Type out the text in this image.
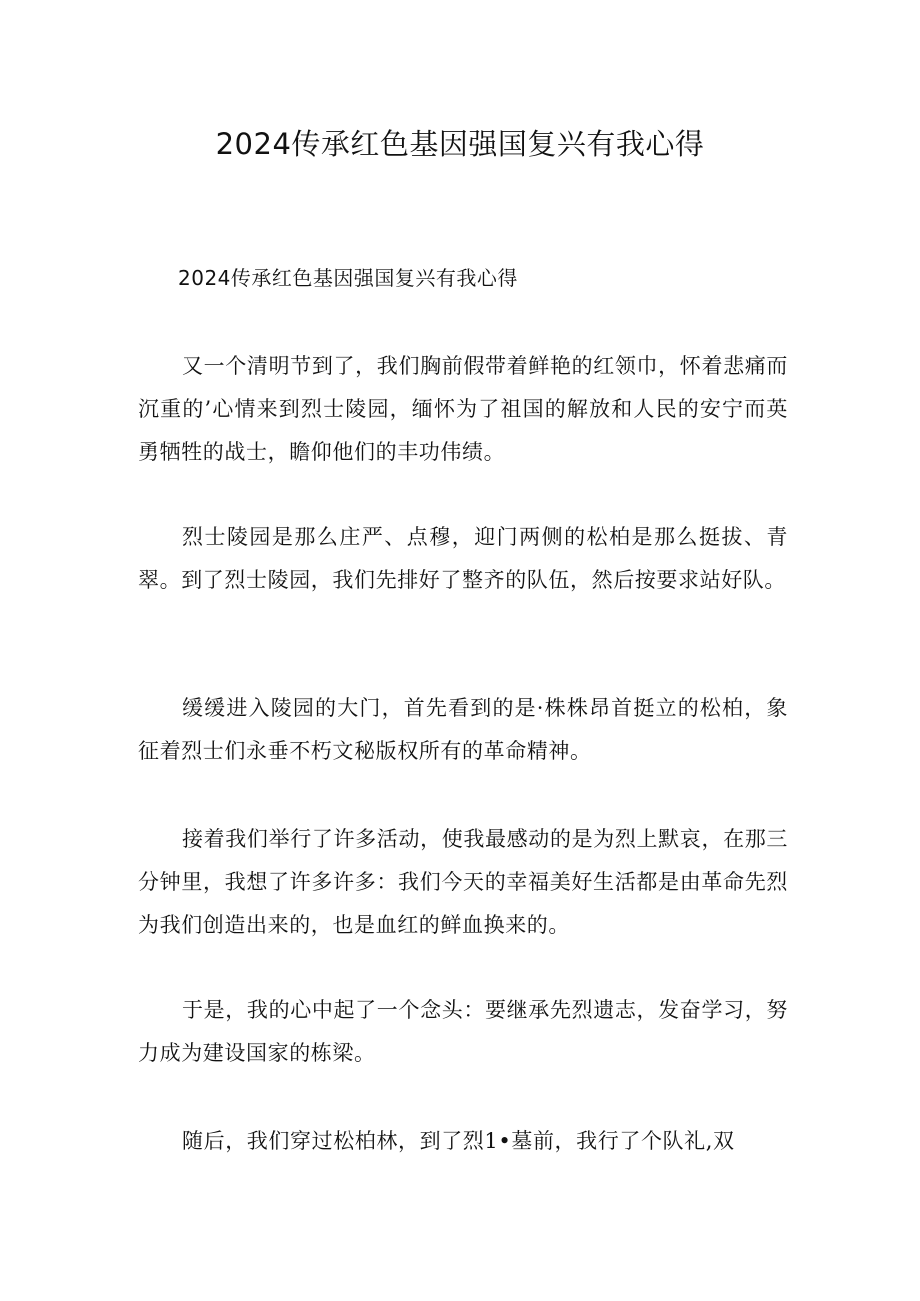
2024传承红色基因强国复兴有我心得

2024传承红色基因强国复兴有我心得

又一个清明节到了，我们胸前假带着鲜艳的红领巾，怀着悲痛而沉重的’心情来到烈士陵园，缅怀为了祖国的解放和人民的安宁而英勇牺牲的战士，瞻仰他们的丰功伟绩。

烈士陵园是那么庄严、点穆，迎门两侧的松柏是那么挺拔、青翠。到了烈士陵园，我们先排好了整齐的队伍，然后按要求站好队。

缓缓进入陵园的大门，首先看到的是·株株昂首挺立的松柏，象征着烈士们永垂不朽文秘版权所有的革命精神。

接着我们举行了许多活动，使我最感动的是为烈上默哀，在那三分钟里，我想了许多许多：我们今天的幸福美好生活都是由革命先烈为我们创造出来的，也是血红的鲜血换来的。

于是，我的心中起了一个念头：要继承先烈遗志，发奋学习，努力成为建设国家的栋梁。

随后，我们穿过松柏林，到了烈1•墓前，我行了个队礼,双
